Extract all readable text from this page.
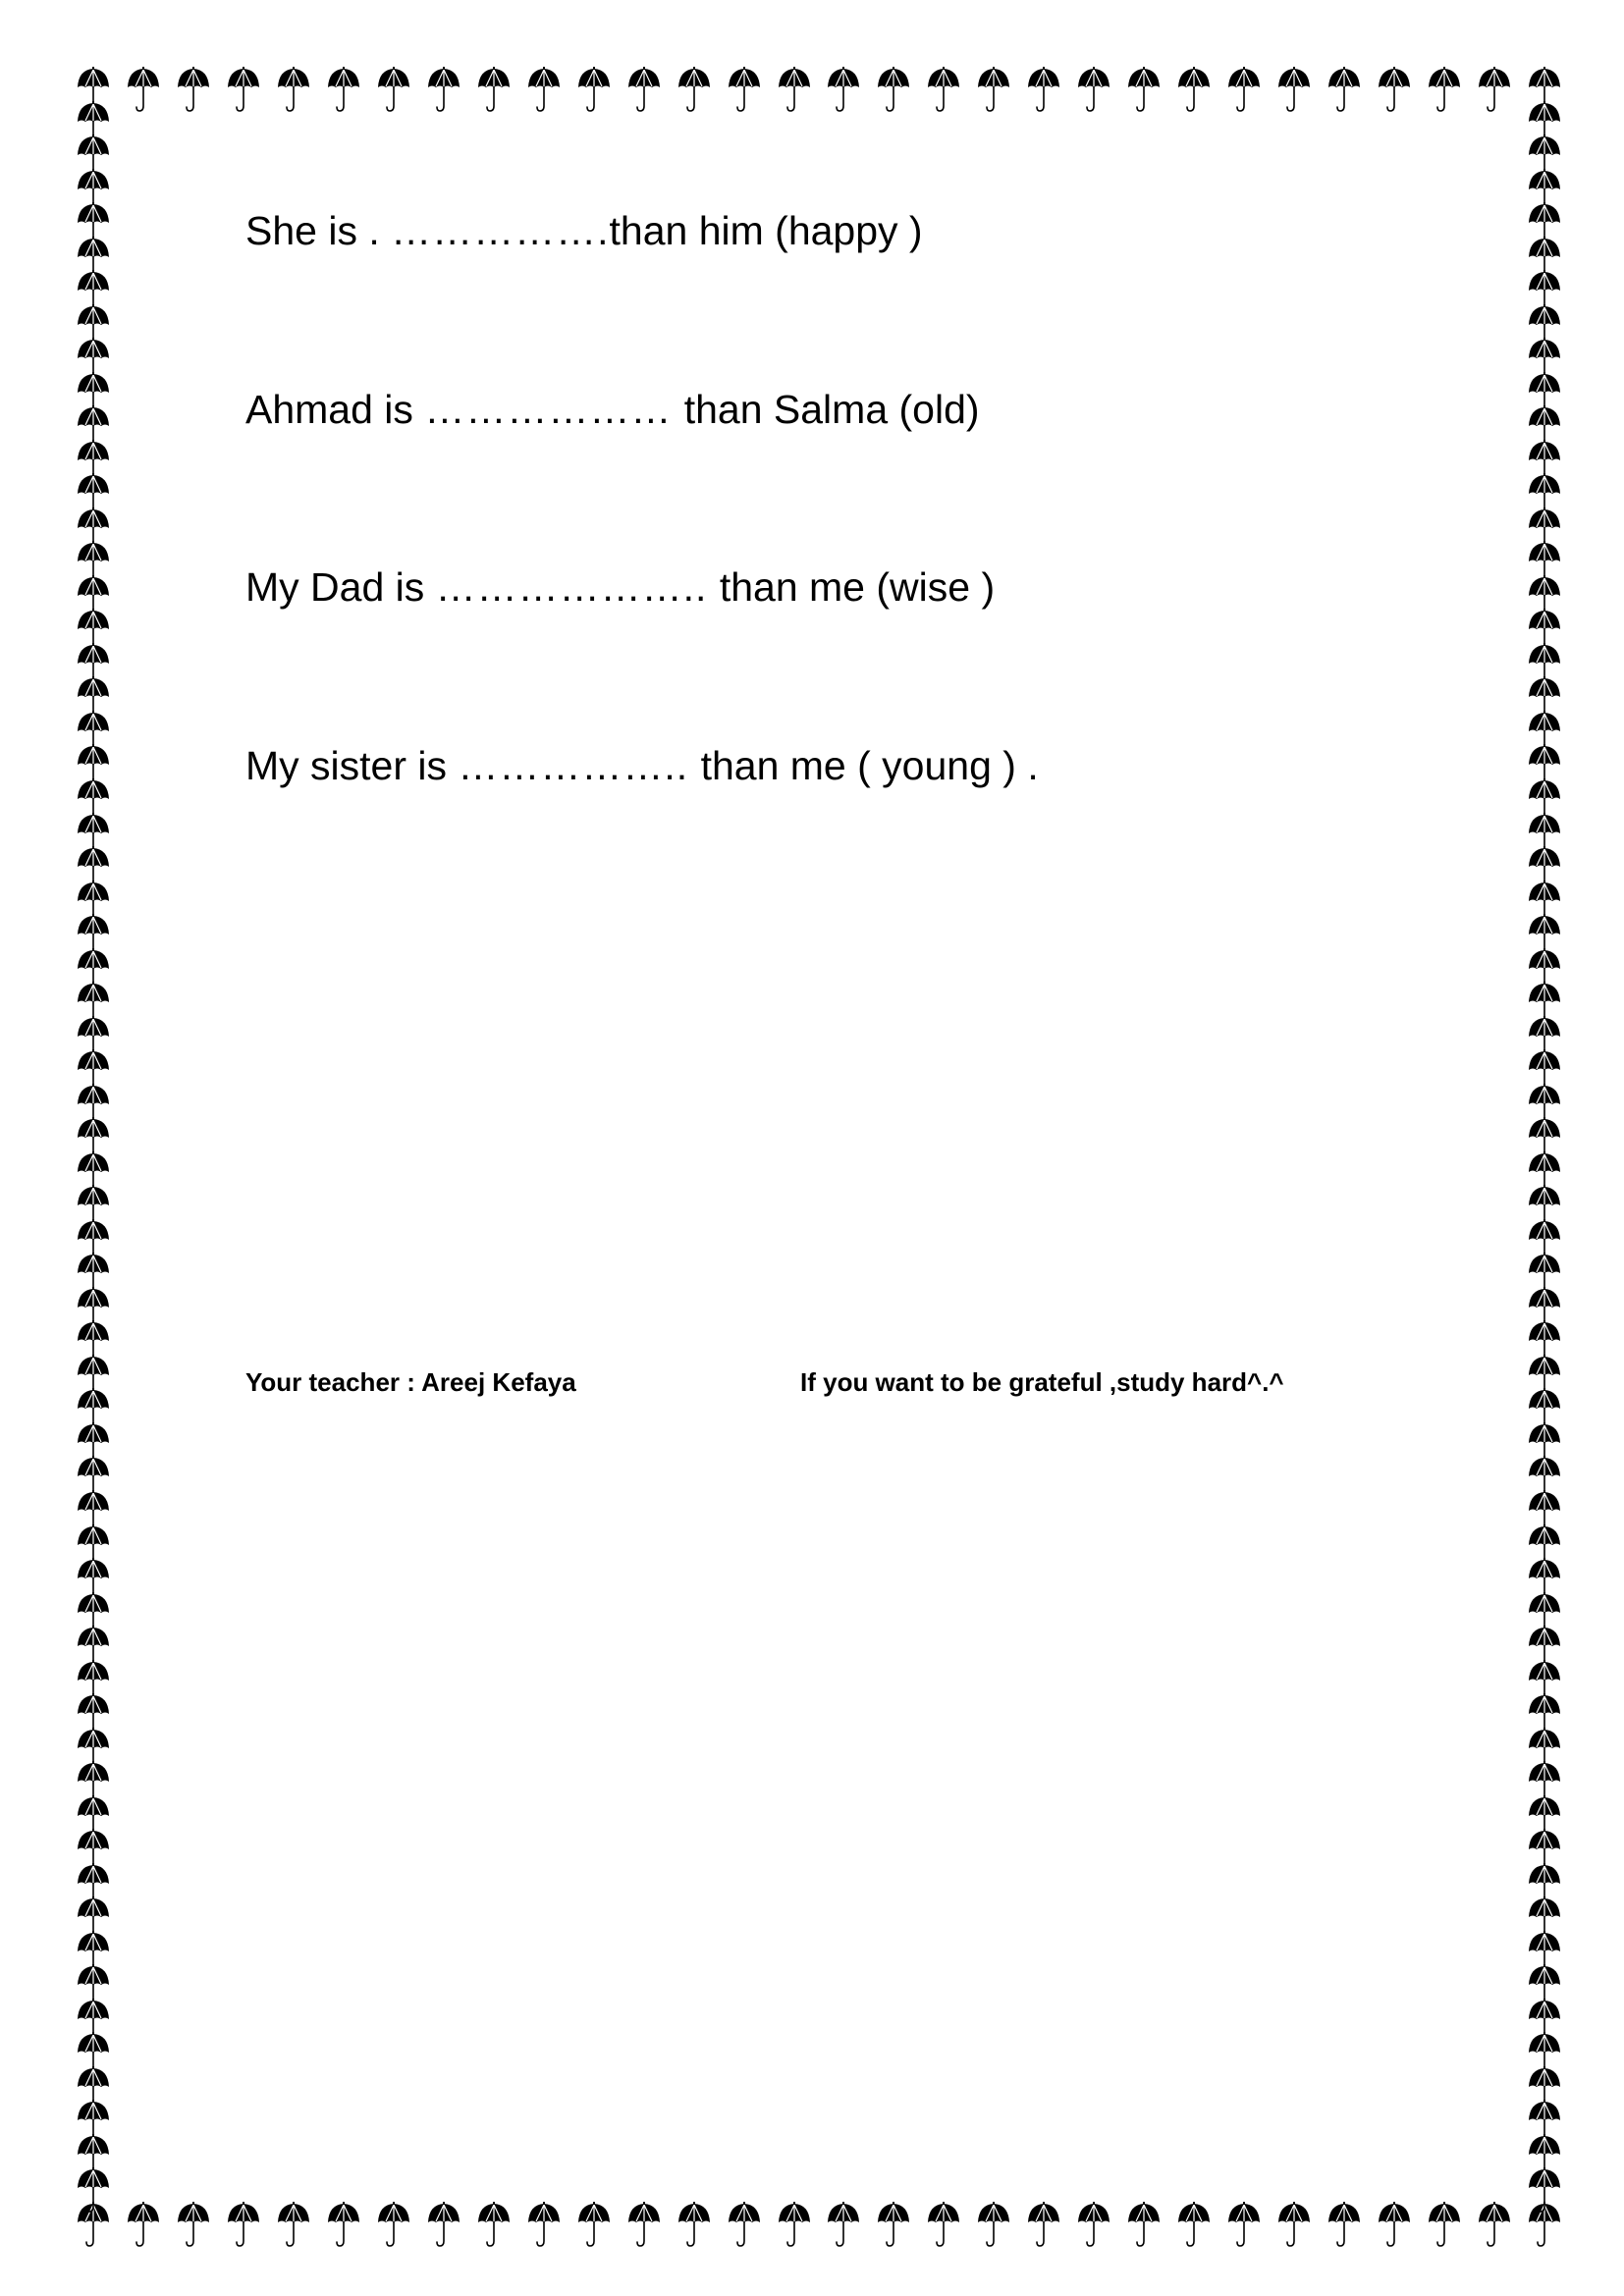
She is . …………….than him (happy )
Ahmad is ……………… than Salma (old)
My Dad is ……………….. than me (wise )
My sister is …………….. than me ( young ) .
Your teacher : Areej Kefaya	If you want to be grateful ,study hard^.^
